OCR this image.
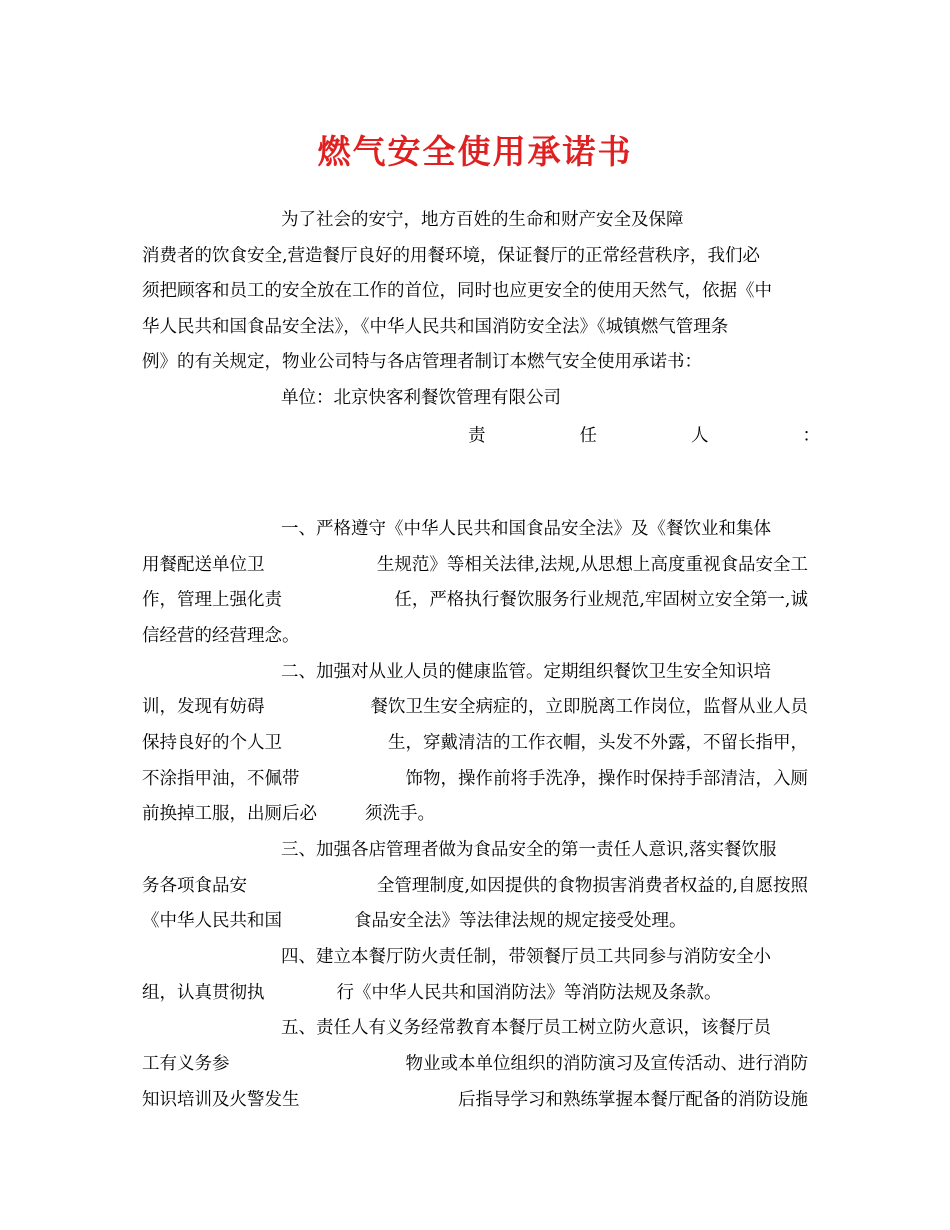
燃气安全使用承诺书
为了社会的安宁，地方百姓的生命和财产安全及保障
消费者的饮食安全,营造餐厅良好的用餐环境，保证餐厅的正常经营秩序，我们必
须把顾客和员工的安全放在工作的首位，同时也应更安全的使用天然气，依据《中
华人民共和国食品安全法》，《中华人民共和国消防安全法》《城镇燃气管理条
例》的有关规定，物业公司特与各店管理者制订本燃气安全使用承诺书：
单位：北京快客利餐饮管理有限公司
责	任	人	：
一、严格遵守《中华人民共和国食品安全法》及《餐饮业和集体
用餐配送单位卫	生规范》等相关法律,法规,从思想上高度重视食品安全工
作，管理上强化责	任，严格执行餐饮服务行业规范,牢固树立安全第一,诚
信经营的经营理念。
二、加强对从业人员的健康监管。定期组织餐饮卫生安全知识培
训，发现有妨碍	餐饮卫生安全病症的，立即脱离工作岗位，监督从业人员
保持良好的个人卫	生，穿戴清洁的工作衣帽，头发不外露，不留长指甲，
不涂指甲油，不佩带	饰物，操作前将手洗净，操作时保持手部清洁，入厕
前换掉工服，出厕后必	须洗手。
三、加强各店管理者做为食品安全的第一责任人意识,落实餐饮服
务各项食品安	全管理制度,如因提供的食物损害消费者权益的,自愿按照
《中华人民共和国	食品安全法》等法律法规的规定接受处理。
四、建立本餐厅防火责任制，带领餐厅员工共同参与消防安全小
组，认真贯彻执	行《中华人民共和国消防法》等消防法规及条款。
五、责任人有义务经常教育本餐厅员工树立防火意识，该餐厅员
工有义务参	物业或本单位组织的消防演习及宣传活动、进行消防
知识培训及火警发生	后指导学习和熟练掌握本餐厅配备的消防设施
